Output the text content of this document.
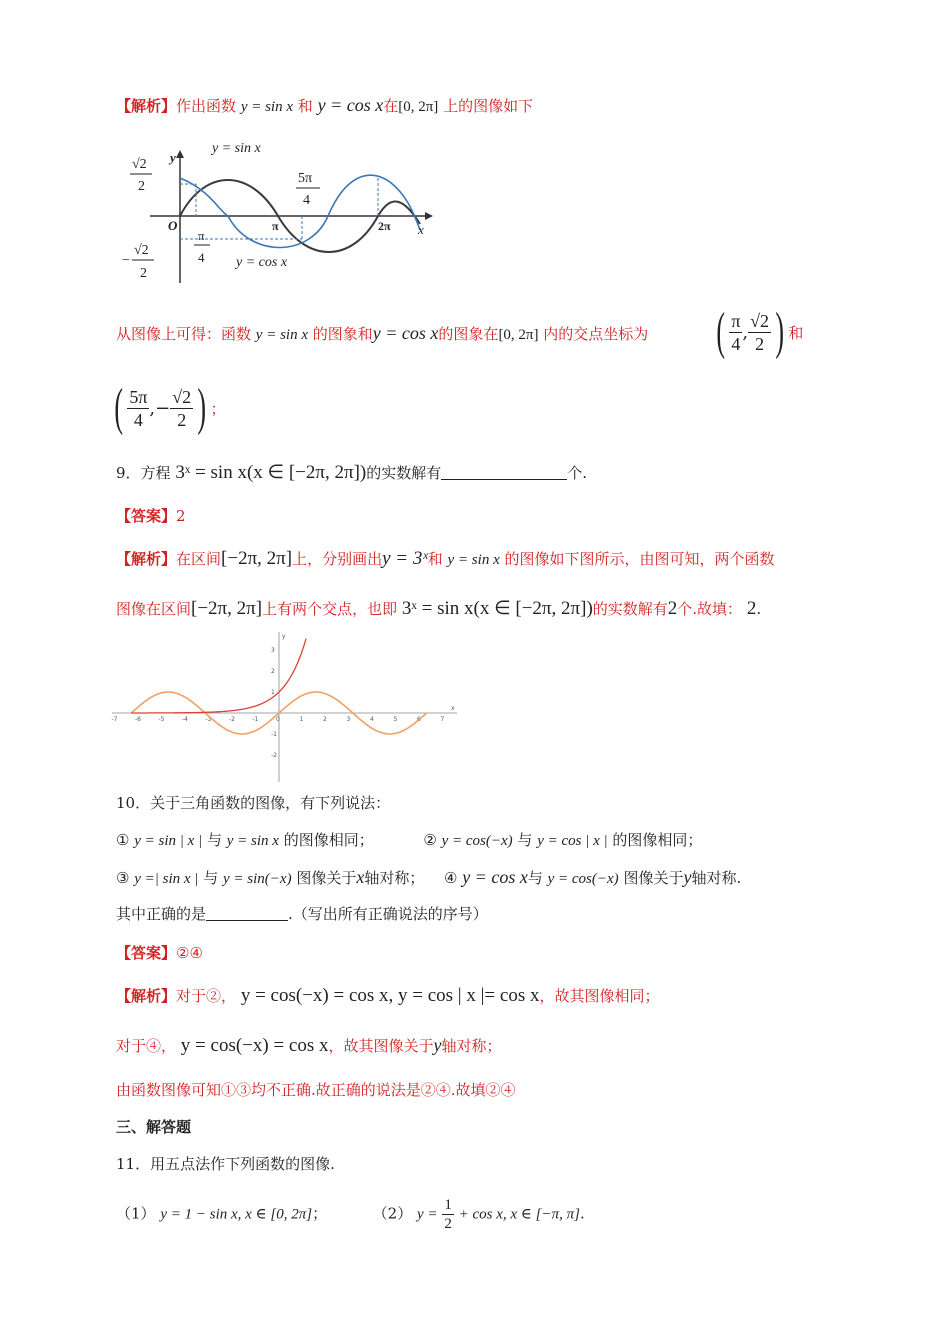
【解析】作出函数 y = sin x 和 y = cos x在[0, 2π] 上的图像如下
y = sin x
y = cos x
O
y
x
π	2π
√2
2
−
√2
2
π
4
5π
4
从图像上可得：函数 y = sin x 的图象和y = cos x的图象在[0, 2π] 内的交点坐标为 ( $\frac{\pi}{4}$ , $\frac{√2}{2}$ ) 和
( $\frac{5\pi}{4}$ , − $\frac{√2}{2}$ ) ；
9．方程 3ˣ = sin x(x ∈ [−2π, 2π])的实数解有	个.
【答案】2
【解析】在区间[−2π, 2π]上，分别画出y = 3ˣ和 y = sin x 的图像如下图所示，由图可知，两个函数
图像在区间[−2π, 2π]上有两个交点，也即 3ˣ = sin x(x ∈ [−2π, 2π])的实数解有2个.故填： 2.
x
y
-7	-6	-5	-4	-3	-2	-1	0	1	2	3	4	5	6	7
3
2
1
-1
-2
10．关于三角函数的图像，有下列说法：
① y = sin | x | 与 y = sin x 的图像相同；	② y = cos(−x) 与 y = cos | x | 的图像相同；
③ y =| sin x | 与 y = sin(−x) 图像关于x轴对称； ④ y = cos x与 y = cos(−x) 图像关于y轴对称.
其中正确的是	.（写出所有正确说法的序号）
【答案】②④
【解析】对于②， y = cos(−x) = cos x, y = cos | x |= cos x，故其图像相同；
对于④， y = cos(−x) = cos x，故其图像关于y轴对称；
由函数图像可知①③均不正确.故正确的说法是②④.故填②④
三、解答题
11．用五点法作下列函数的图像.
（1） y = 1 − sin x, x ∈ [0, 2π]；	（2） $y = \frac{1}{2} + \cos x$, x ∈ [−π, π].
